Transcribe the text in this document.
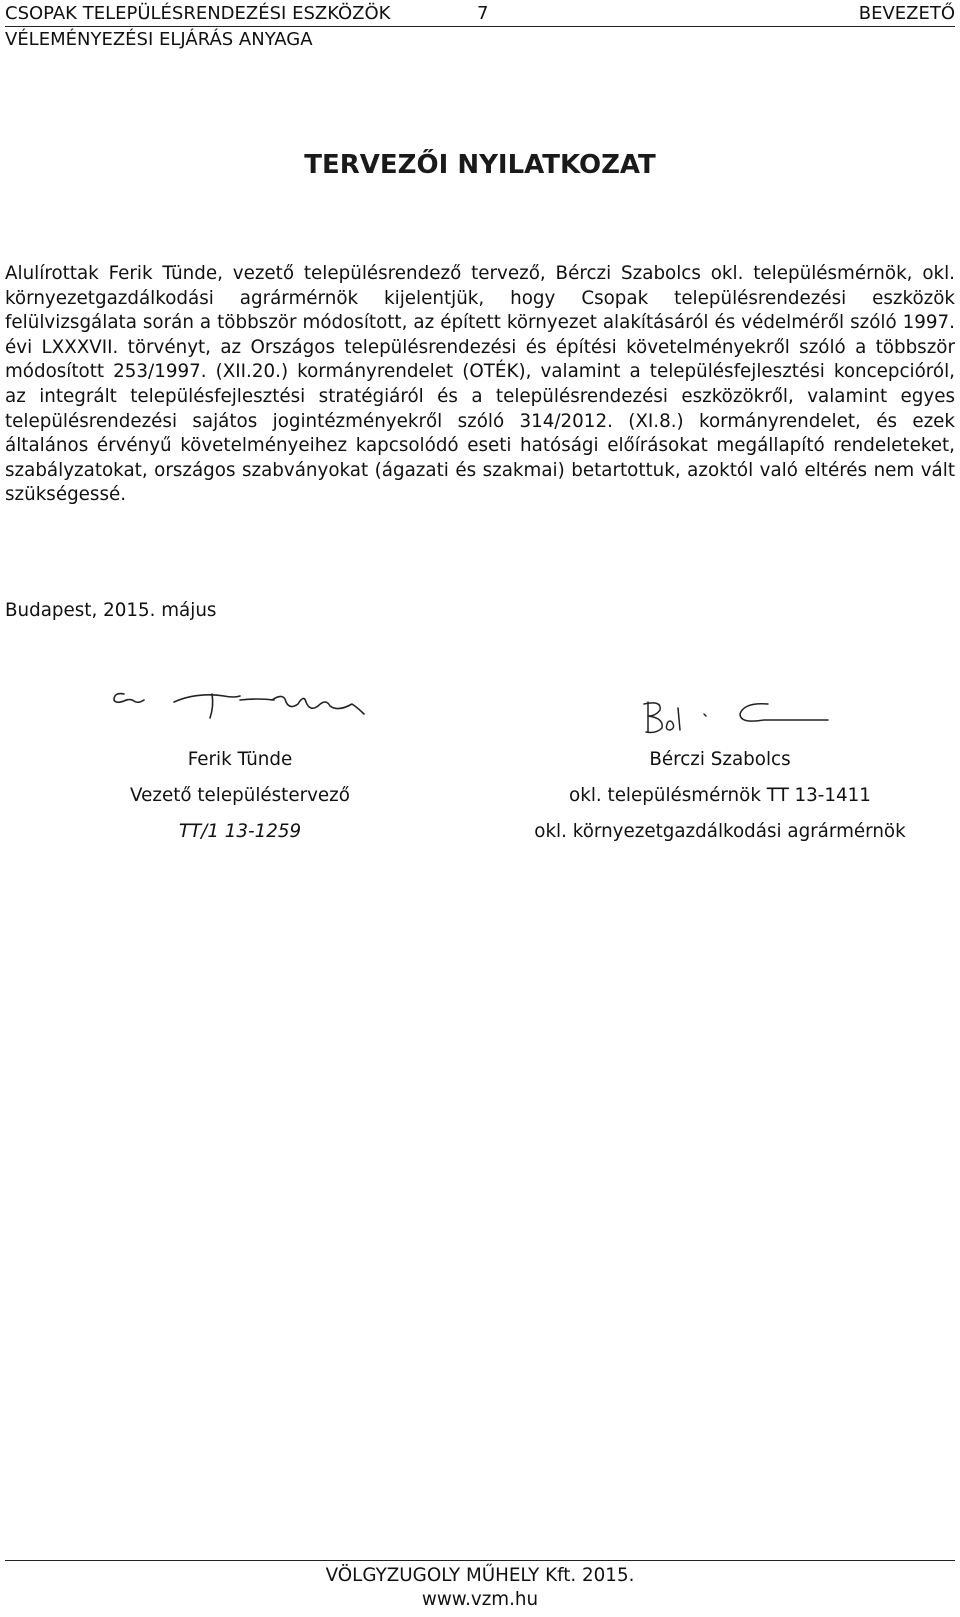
CSOPAK TELEPÜLÉSRENDEZÉSI ESZKÖZÖK	7	BEVEZETŐ
VÉLEMÉNYEZÉSI ELJÁRÁS ANYAGA
TERVEZŐI NYILATKOZAT
Alulírottak Ferik Tünde, vezető településrendező tervező, Bérczi Szabolcs okl. településmérnök, okl. környezetgazdálkodási agrármérnök kijelentjük, hogy Csopak településrendezési eszközök felülvizsgálata során a többször módosított, az épített környezet alakításáról és védelméről szóló 1997. évi LXXXVII. törvényt, az Országos településrendezési és építési követelményekről szóló a többször módosított 253/1997. (XII.20.) kormányrendelet (OTÉK), valamint a településfejlesztési koncepcióról, az integrált településfejlesztési stratégiáról és a településrendezési eszközökről, valamint egyes településrendezési sajátos jogintézményekről szóló 314/2012. (XI.8.) kormányrendelet, és ezek általános érvényű követelményeihez kapcsolódó eseti hatósági előírásokat megállapító rendeleteket, szabályzatokat, országos szabványokat (ágazati és szakmai) betartottuk, azoktól való eltérés nem vált szükségessé.
Budapest, 2015. május
Ferik Tünde
Vezető településtervező
TT/1 13-1259
Bérczi Szabolcs
okl. településmérnök TT 13-1411
okl. környezetgazdálkodási agrármérnök
VÖLGYZUGOLY MŰHELY Kft. 2015.
www.vzm.hu
